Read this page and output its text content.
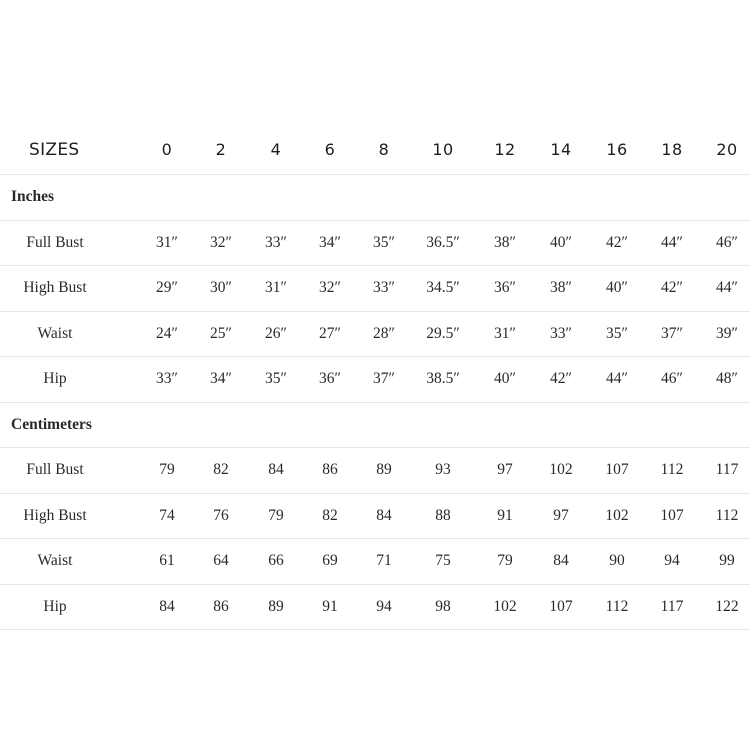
SIZES	0	2	4	6	8	10	12	14	16	18	20
Inches
Full Bust	31″	32″	33″	34″	35″	36.5″	38″	40″	42″	44″	46″
High Bust	29″	30″	31″	32″	33″	34.5″	36″	38″	40″	42″	44″
Waist	24″	25″	26″	27″	28″	29.5″	31″	33″	35″	37″	39″
Hip	33″	34″	35″	36″	37″	38.5″	40″	42″	44″	46″	48″
Centimeters
Full Bust	79	82	84	86	89	93	97	102	107	112	117
High Bust	74	76	79	82	84	88	91	97	102	107	112
Waist	61	64	66	69	71	75	79	84	90	94	99
Hip	84	86	89	91	94	98	102	107	112	117	122
